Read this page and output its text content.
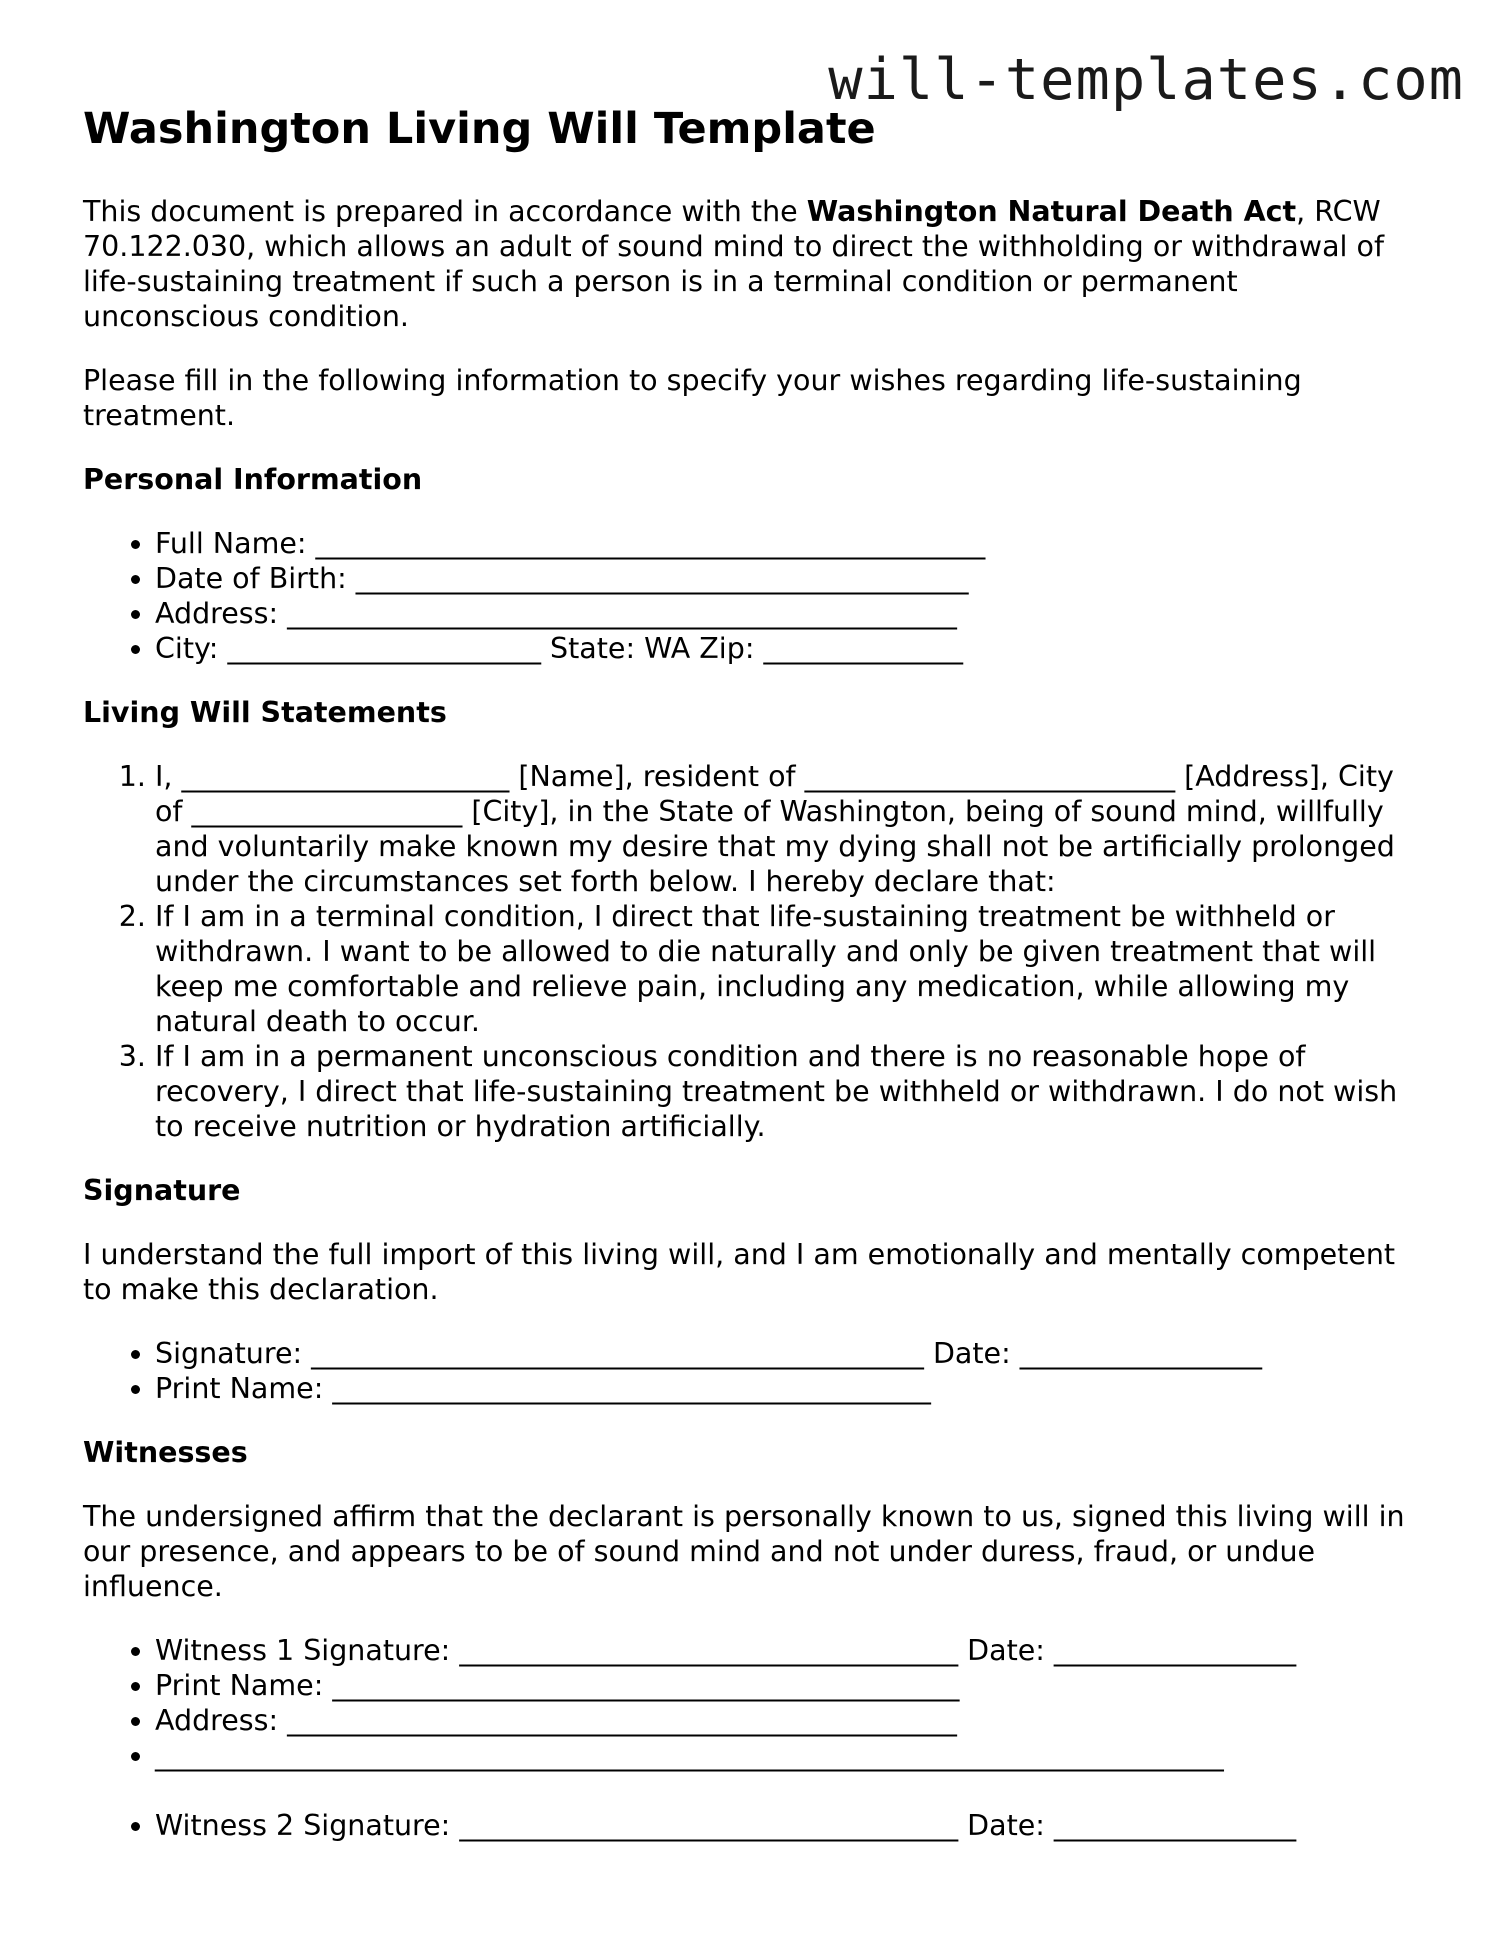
will-templates.com
Washington Living Will Template

This document is prepared in accordance with the Washington Natural Death Act, RCW 70.122.030, which allows an adult of sound mind to direct the withholding or withdrawal of life-sustaining treatment if such a person is in a terminal condition or permanent unconscious condition.

Please fill in the following information to specify your wishes regarding life-sustaining treatment.

Personal Information
• Full Name: _______________________________________________
• Date of Birth: ___________________________________________
• Address: _______________________________________________
• City: ______________________ State: WA Zip: ______________
Living Will Statements
1. I, _______________________ [Name], resident of __________________________ [Address], City of ___________________ [City], in the State of Washington, being of sound mind, willfully and voluntarily make known my desire that my dying shall not be artificially prolonged under the circumstances set forth below. I hereby declare that:
2. If I am in a terminal condition, I direct that life-sustaining treatment be withheld or withdrawn. I want to be allowed to die naturally and only be given treatment that will keep me comfortable and relieve pain, including any medication, while allowing my natural death to occur.
3. If I am in a permanent unconscious condition and there is no reasonable hope of recovery, I direct that life-sustaining treatment be withheld or withdrawn. I do not wish to receive nutrition or hydration artificially.
Signature

I understand the full import of this living will, and I am emotionally and mentally competent to make this declaration.

• Signature: ___________________________________________ Date: _________________
• Print Name: __________________________________________
Witnesses

The undersigned affirm that the declarant is personally known to us, signed this living will in our presence, and appears to be of sound mind and not under duress, fraud, or undue influence.

• Witness 1 Signature: ___________________________________ Date: _________________
• Print Name: ____________________________________________
• Address: _______________________________________________
• ___________________________________________________________________________
• Witness 2 Signature: ___________________________________ Date: _________________
